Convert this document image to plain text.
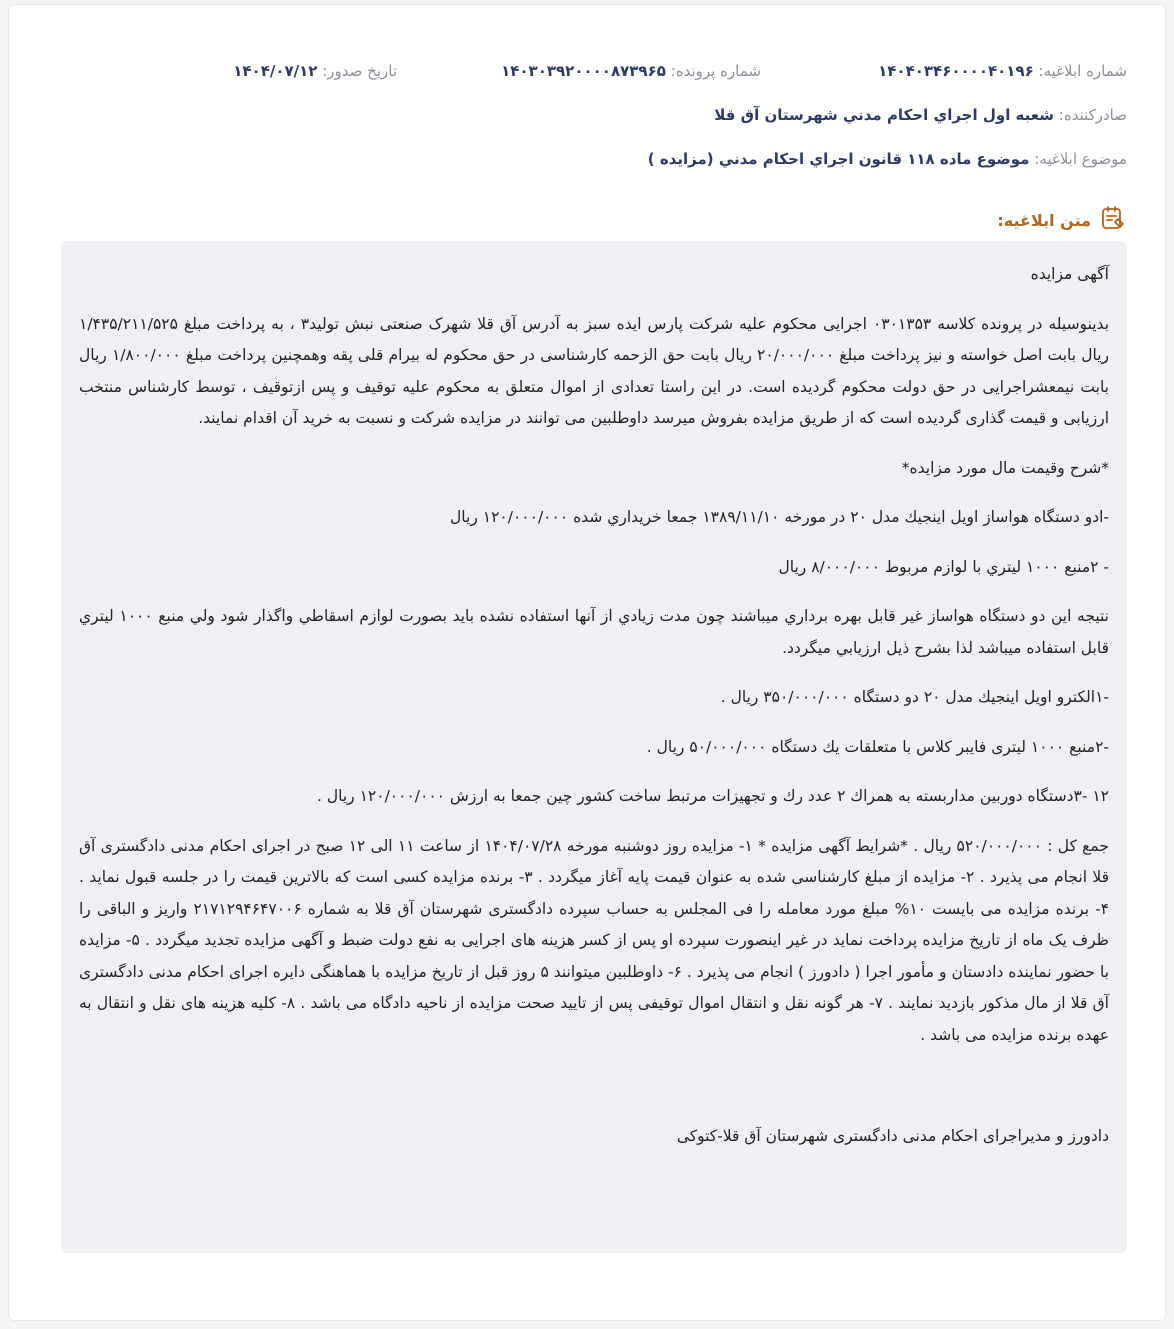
شماره ابلاغیه: ۱۴۰۴۰۳۴۶۰۰۰۰۴۰۱۹۶
شماره پرونده: ۱۴۰۳۰۳۹۲۰۰۰۰۸۷۳۹۶۵
تاریخ صدور: ۱۴۰۴/۰۷/۱۲
صادرکننده: شعبه اول اجراي احكام مدني شهرستان آق قلا
موضوع ابلاغیه: موضوع ماده ۱۱۸ قانون اجراي احكام مدني (مزايده )
متن ابلاغیه:

آگهی مزایده

بدینوسیله در پرونده کلاسه ۰۳۰۱۳۵۳ اجرایی محکوم علیه شرکت پارس ایده سبز به آدرس آق قلا شهرک صنعتی نبش تولید۳ ، به پرداخت مبلغ ۱/۴۳۵/۲۱۱/۵۲۵ ریال بابت اصل خواسته و نیز پرداخت مبلغ ۲۰/۰۰۰/۰۰۰ ریال بابت حق الزحمه کارشناسی در حق محکوم له بیرام قلی پقه وهمچنین پرداخت مبلغ ۱/۸۰۰/۰۰۰ ریال بابت نیمعشراجرایی در حق دولت محکوم گردیده است. در این راستا تعدادی از اموال متعلق به محکوم علیه توقیف و پس ازتوقیف ، توسط کارشناس منتخب ارزیابی و قیمت گذاری گردیده است که از طریق مزایده بفروش میرسد داوطلبین می توانند در مزایده شرکت و نسبت به خرید آن اقدام نمایند.

*شرح وقیمت مال مورد مزایده*

-ادو دستگاه هواساز اویل اینجیك مدل ۲۰ در مورخه ۱۳۸۹/۱۱/۱۰ جمعا خريداري شده ۱۲۰/۰۰۰/۰۰۰ ريال

- ۲منبع ۱۰۰۰ ليتري با لوازم مربوط ۸/۰۰۰/۰۰۰ ريال

نتيجه اين دو دستگاه هواساز غير قابل بهره برداري ميباشند چون مدت زيادي از آنها استفاده نشده بايد بصورت لوازم اسقاطي واگذار شود ولي منبع ۱۰۰۰ ليتري قابل استفاده ميباشد لذا بشرح ذيل ارزيابي ميگردد.

-۱الكترو اويل اينجيك مدل ۲۰ دو دستگاه ۳۵۰/۰۰۰/۰۰۰ ريال .

-۲منبع ۱۰۰۰ لیتری فایبر کلاس با متعلقات يك دستگاه ۵۰/۰۰۰/۰۰۰ ريال .

۱۲ -۳دستگاه دوربين مداربسته به همراك ۲ عدد رك و تجهيزات مرتبط ساخت كشور چين جمعا به ارزش ۱۲۰/۰۰۰/۰۰۰ ريال .

جمع کل : ۵۲۰/۰۰۰/۰۰۰ ریال . *شرایط آگهی مزایده * ۱- مزایده روز دوشنبه مورخه ۱۴۰۴/۰۷/۲۸ از ساعت ۱۱ الی ۱۲ صبح در اجرای احکام مدنی دادگستری آق قلا انجام می پذیرد . ۲- مزایده از مبلغ کارشناسی شده به عنوان قیمت پایه آغاز میگردد . ۳- برنده مزایده کسی است که بالاترین قیمت را در جلسه قبول نماید . ۴- برنده مزایده می بایست ۱۰% مبلغ مورد معامله را فی المجلس به حساب سپرده دادگستری شهرستان آق قلا به شماره ۲۱۷۱۲۹۴۶۴۷۰۰۶ واریز و الباقی را ظرف یک ماه از تاریخ مزایده پرداخت نماید در غیر اینصورت سپرده او پس از کسر هزینه های اجرایی به نفع دولت ضبط و آگهی مزایده تجدید میگردد . ۵- مزایده با حضور نماینده دادستان و مأمور اجرا ( دادورز ) انجام می پذیرد . ۶- داوطلبین میتوانند ۵ روز قبل از تاریخ مزایده با هماهنگی دایره اجرای احکام مدنی دادگستری آق قلا از مال مذکور بازدید نمایند . ۷- هر گونه نقل و انتقال اموال توقیفی پس از تایید صحت مزایده از ناحیه دادگاه می باشد . ۸- کلیه هزینه های نقل و انتقال به عهده برنده مزایده می باشد .

دادورز و مدیراجرای احکام مدنی دادگستری شهرستان آق قلا-کتوکی
